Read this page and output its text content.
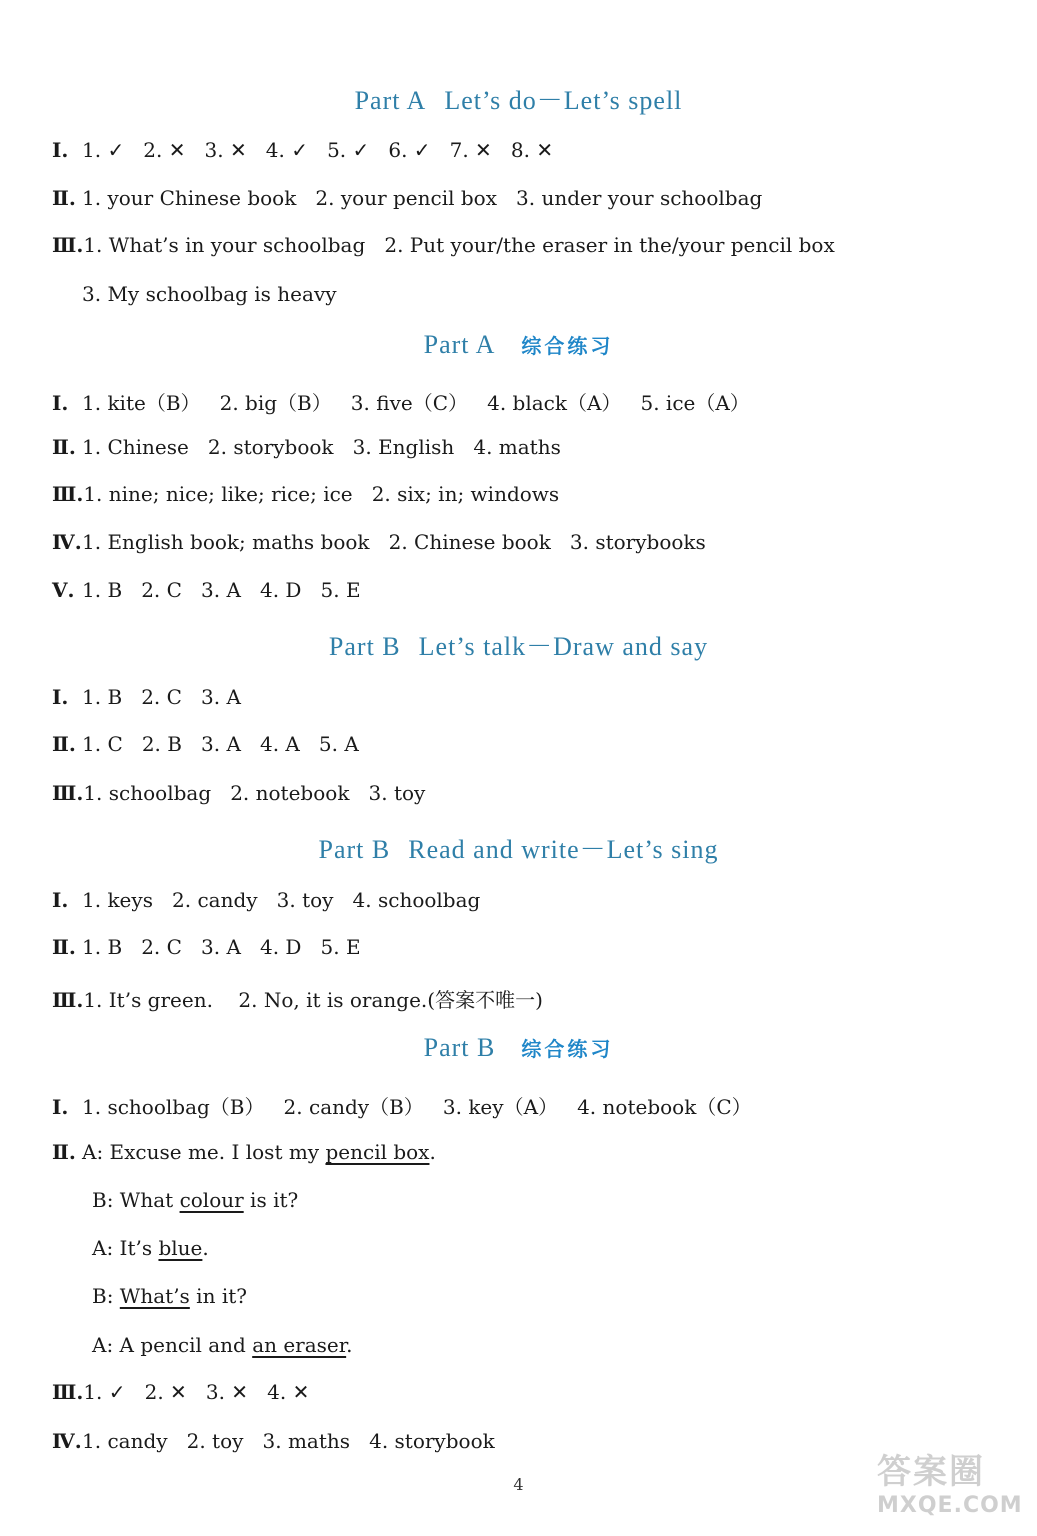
Part A Let’s do－Let’s spell
Ⅰ. 1. ✓   2. ✕   3. ✕   4. ✓   5. ✓   6. ✓   7. ✕   8. ✕
Ⅱ. 1. your Chinese book   2. your pencil box   3. under your schoolbag
Ⅲ.1. What’s in your schoolbag   2. Put your/the eraser in the/your pencil box
3. My schoolbag is heavy
Part A 综合练习
Ⅰ. 1. kite（B）   2. big（B）   3. five（C）   4. black（A）   5. ice（A）
Ⅱ. 1. Chinese   2. storybook   3. English   4. maths
Ⅲ.1. nine; nice; like; rice; ice   2. six; in; windows
Ⅳ.1. English book; maths book   2. Chinese book   3. storybooks
Ⅴ. 1. B   2. C   3. A   4. D   5. E
Part B Let’s talk－Draw and say
Ⅰ. 1. B   2. C   3. A
Ⅱ. 1. C   2. B   3. A   4. A   5. A
Ⅲ.1. schoolbag   2. notebook   3. toy
Part B Read and write－Let’s sing
Ⅰ. 1. keys   2. candy   3. toy   4. schoolbag
Ⅱ. 1. B   2. C   3. A   4. D   5. E
Ⅲ.1. It’s green.    2. No, it is orange.(答案不唯一)
Part B 综合练习
Ⅰ. 1. schoolbag（B）   2. candy（B）   3. key（A）   4. notebook（C）
Ⅱ. A: Excuse me. I lost my pencil box.
B: What colour is it?
A: It’s blue.
B: What’s in it?
A: A pencil and an eraser.
Ⅲ.1. ✓   2. ✕   3. ✕   4. ✕
Ⅳ.1. candy   2. toy   3. maths   4. storybook
4	答案圈
MXQE.COM
